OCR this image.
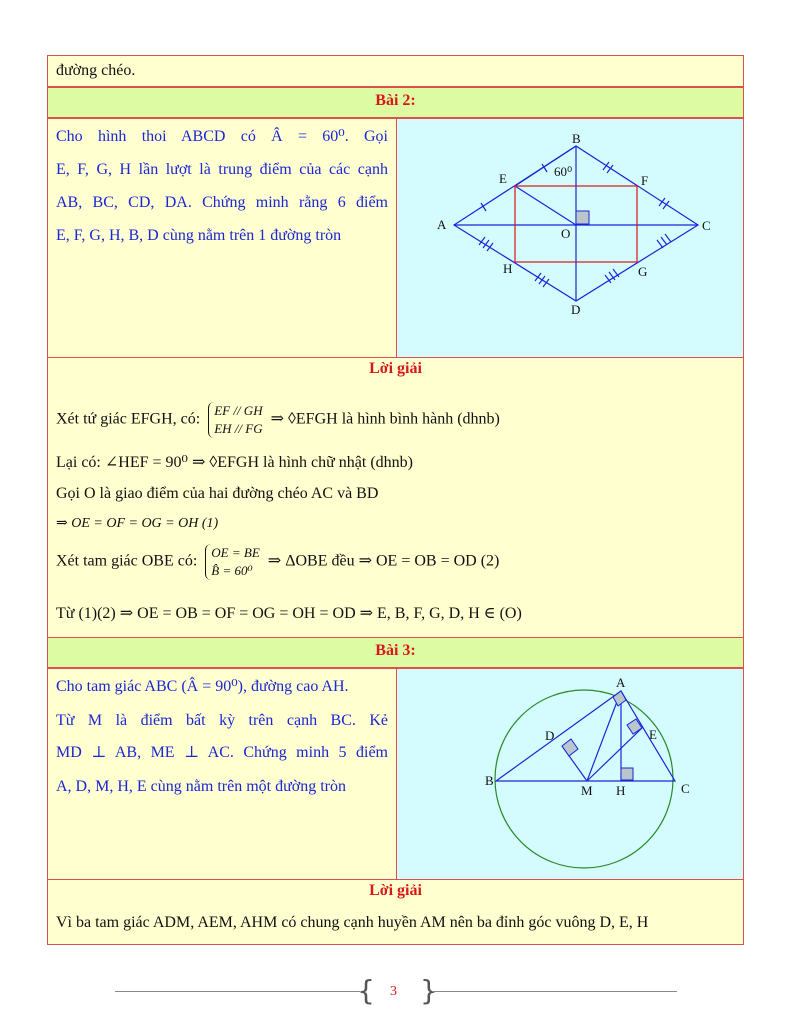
đường chéo.
Bài 2:
Cho hình thoi ABCD có Â = 60⁰. Gọi
E, F, G, H lần lượt là trung điểm của các cạnh
AB, BC, CD, DA. Chứng minh rằng 6 điểm
E, F, G, H, B, D cùng nằm trên 1 đường tròn
B
60⁰
E	F
A
O
C
H	G
D
Lời giải
Xét tứ giác EFGH, có:
EF // GH
EH // FG
⇒ ◊EFGH là hình bình hành (dhnb)
Lại có: ∠HEF = 90⁰ ⇒ ◊EFGH là hình chữ nhật (dhnb)
Gọi O là giao điểm của hai đường chéo AC và BD
⇒ OE = OF = OG = OH (1)
Xét tam giác OBE có:
OE = BE
B̂ = 60⁰
⇒ ΔOBE đều ⇒ OE = OB = OD (2)
Từ (1)(2) ⇒ OE = OB = OF = OG = OH = OD ⇒ E, B, F, G, D, H ∈ (O)
Bài 3:
Cho tam giác ABC (Â = 90⁰), đường cao AH.
Từ M là điểm bất kỳ trên cạnh BC. Kẻ
MD ⊥ AB, ME ⊥ AC. Chứng minh 5 điểm
A, D, M, H, E cùng nằm trên một đường tròn
A
D	E
B
M H	C
Lời giải
Vì ba tam giác ADM, AEM, AHM có chung cạnh huyền AM nên ba đỉnh góc vuông D, E, H
{ 3 }
